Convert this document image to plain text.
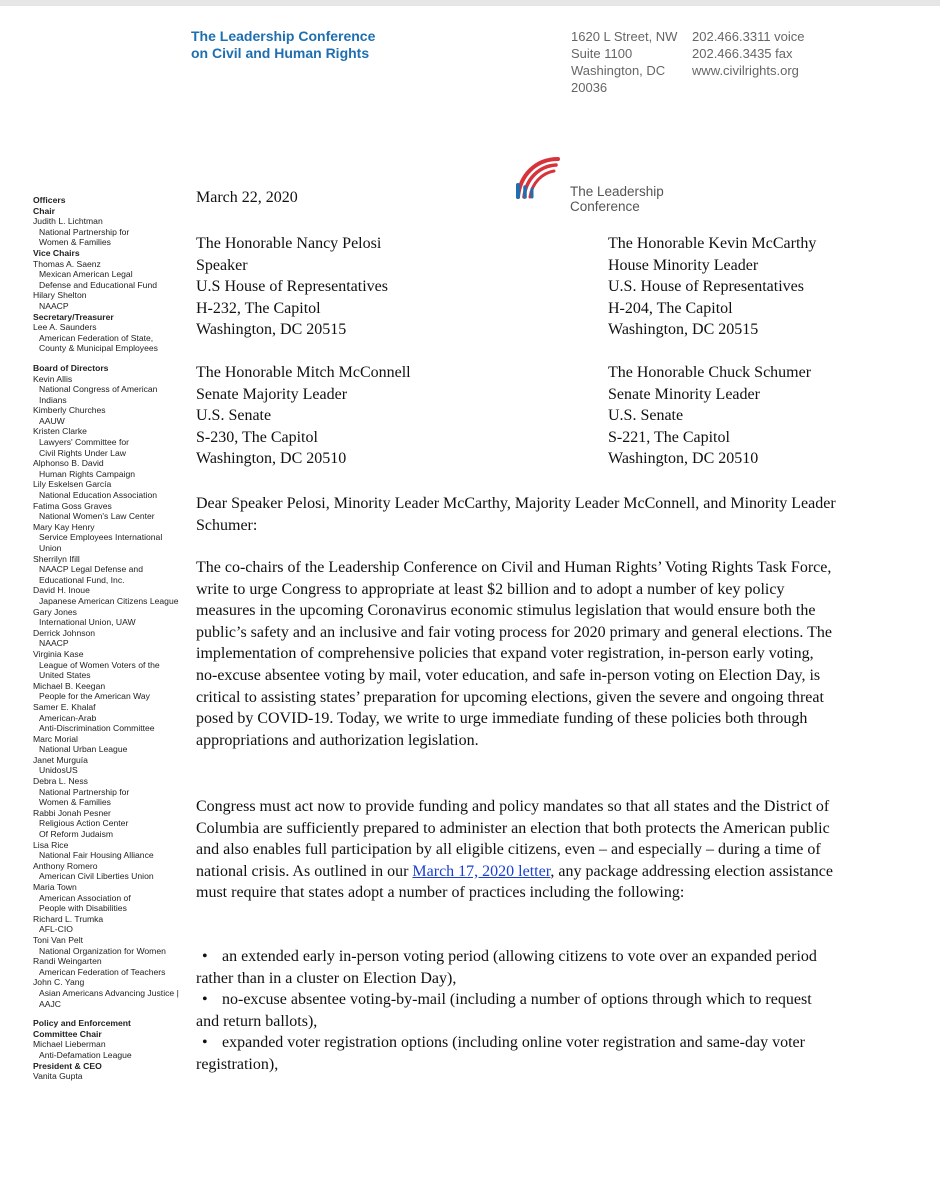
The Leadership Conference
on Civil and Human Rights
1620 L Street, NW
Suite 1100
Washington, DC
20036
202.466.3311 voice
202.466.3435 fax
www.civilrights.org
The Leadership
Conference
Officers
Chair
Judith L. Lichtman
National Partnership for
Women & Families
Vice Chairs
Thomas A. Saenz
Mexican American Legal
Defense and Educational Fund
Hilary Shelton
NAACP
Secretary/Treasurer
Lee A. Saunders
American Federation of State,
County & Municipal Employees
Board of Directors
Kevin Allis
National Congress of American Indians
Kimberly Churches
AAUW
Kristen Clarke
Lawyers' Committee for
Civil Rights Under Law
Alphonso B. David
Human Rights Campaign
Lily Eskelsen García
National Education Association
Fatima Goss Graves
National Women's Law Center
Mary Kay Henry
Service Employees International Union
Sherrilyn Ifill
NAACP Legal Defense and
Educational Fund, Inc.
David H. Inoue
Japanese American Citizens League
Gary Jones
International Union, UAW
Derrick Johnson
NAACP
Virginia Kase
League of Women Voters of the
United States
Michael B. Keegan
People for the American Way
Samer E. Khalaf
American-Arab
Anti-Discrimination Committee
Marc Morial
National Urban League
Janet Murguía
UnidosUS
Debra L. Ness
National Partnership for
Women & Families
Rabbi Jonah Pesner
Religious Action Center
Of Reform Judaism
Lisa Rice
National Fair Housing Alliance
Anthony Romero
American Civil Liberties Union
Maria Town
American Association of
People with Disabilities
Richard L. Trumka
AFL-CIO
Toni Van Pelt
National Organization for Women
Randi Weingarten
American Federation of Teachers
John C. Yang
Asian Americans Advancing Justice |
AAJC
Policy and Enforcement
Committee Chair
Michael Lieberman
Anti-Defamation League
President & CEO
Vanita Gupta
March 22, 2020
The Honorable Nancy Pelosi
Speaker
U.S House of Representatives
H-232, The Capitol
Washington, DC 20515
The Honorable Kevin McCarthy
House Minority Leader
U.S. House of Representatives
H-204, The Capitol
Washington, DC 20515
The Honorable Mitch McConnell
Senate Majority Leader
U.S. Senate
S-230, The Capitol
Washington, DC 20510
The Honorable Chuck Schumer
Senate Minority Leader
U.S. Senate
S-221, The Capitol
Washington, DC 20510
Dear Speaker Pelosi, Minority Leader McCarthy, Majority Leader McConnell, and Minority Leader Schumer:
The co-chairs of the Leadership Conference on Civil and Human Rights’ Voting Rights Task Force, write to urge Congress to appropriate at least $2 billion and to adopt a number of key policy measures in the upcoming Coronavirus economic stimulus legislation that would ensure both the public’s safety and an inclusive and fair voting process for 2020 primary and general elections. The implementation of comprehensive policies that expand voter registration, in-person early voting, no-excuse absentee voting by mail, voter education, and safe in-person voting on Election Day, is critical to assisting states’ preparation for upcoming elections, given the severe and ongoing threat posed by COVID-19. Today, we write to urge immediate funding of these policies both through appropriations and authorization legislation.
Congress must act now to provide funding and policy mandates so that all states and the District of Columbia are sufficiently prepared to administer an election that both protects the American public and also enables full participation by all eligible citizens, even – and especially – during a time of national crisis. As outlined in our March 17, 2020 letter, any package addressing election assistance must require that states adopt a number of practices including the following:
• an extended early in-person voting period (allowing citizens to vote over an expanded period rather than in a cluster on Election Day),
• no-excuse absentee voting-by-mail (including a number of options through which to request and return ballots),
• expanded voter registration options (including online voter registration and same-day voter registration),
